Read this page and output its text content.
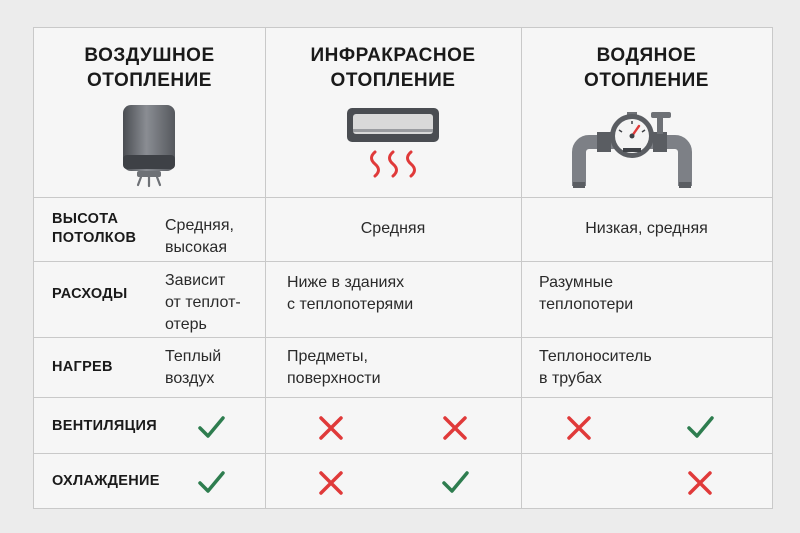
ВОЗДУШНОЕ
ОТОПЛЕНИЕ
ИНФРАКРАСНОЕ
ОТОПЛЕНИЕ
ВОДЯНОЕ
ОТОПЛЕНИЕ
ВЫСОТА
ПОТОЛКОВ
Средняя,
высокая
Средняя	Низкая, средняя
РАСХОДЫ
Зависит
от теплот-
отерь
Ниже в зданиях
с теплопотерями
Разумные
теплопотери
НАГРЕВ
Теплый
воздух
Предметы,
поверхности
Теплоноситель
в трубах
ВЕНТИЛЯЦИЯ
ОХЛАЖДЕНИЕ
